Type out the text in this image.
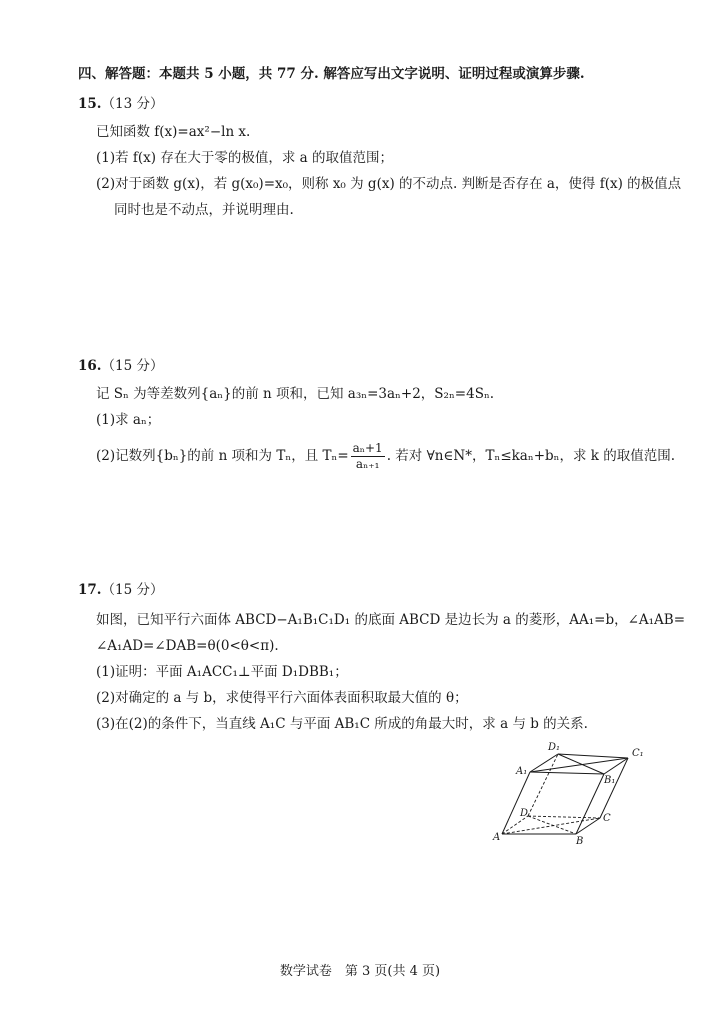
四、解答题：本题共 5 小题，共 77 分. 解答应写出文字说明、证明过程或演算步骤.
15.（13 分）
已知函数 f(x)=ax²−ln x.
(1)若 f(x) 存在大于零的极值，求 a 的取值范围；
(2)对于函数 g(x)，若 g(x₀)=x₀，则称 x₀ 为 g(x) 的不动点. 判断是否存在 a，使得 f(x) 的极值点
同时也是不动点，并说明理由.
16.（15 分）
记 Sₙ 为等差数列{aₙ}的前 n 项和，已知 a₃ₙ=3aₙ+2，S₂ₙ=4Sₙ.
(1)求 aₙ；
(2)记数列{bₙ}的前 n 项和为 Tₙ，且 $T_n= \frac{\text{aₙ+1}}{\text{aₙ₊₁}}$ . 若对 ∀n∈N*，Tₙ≤kaₙ+bₙ，求 k 的取值范围.
17.（15 分）
如图，已知平行六面体 ABCD−A₁B₁C₁D₁ 的底面 ABCD 是边长为 a 的菱形，AA₁=b，∠A₁AB=
∠A₁AD=∠DAB=θ(0<θ<π).
(1)证明：平面 A₁ACC₁⊥平面 D₁DBB₁；
(2)对确定的 a 与 b，求使得平行六面体表面积取最大值的 θ；
(3)在(2)的条件下，当直线 A₁C 与平面 AB₁C 所成的角最大时，求 a 与 b 的关系.
D₁
C₁
A₁
B₁
D	C
A	B
数学试卷　第 3 页(共 4 页)
